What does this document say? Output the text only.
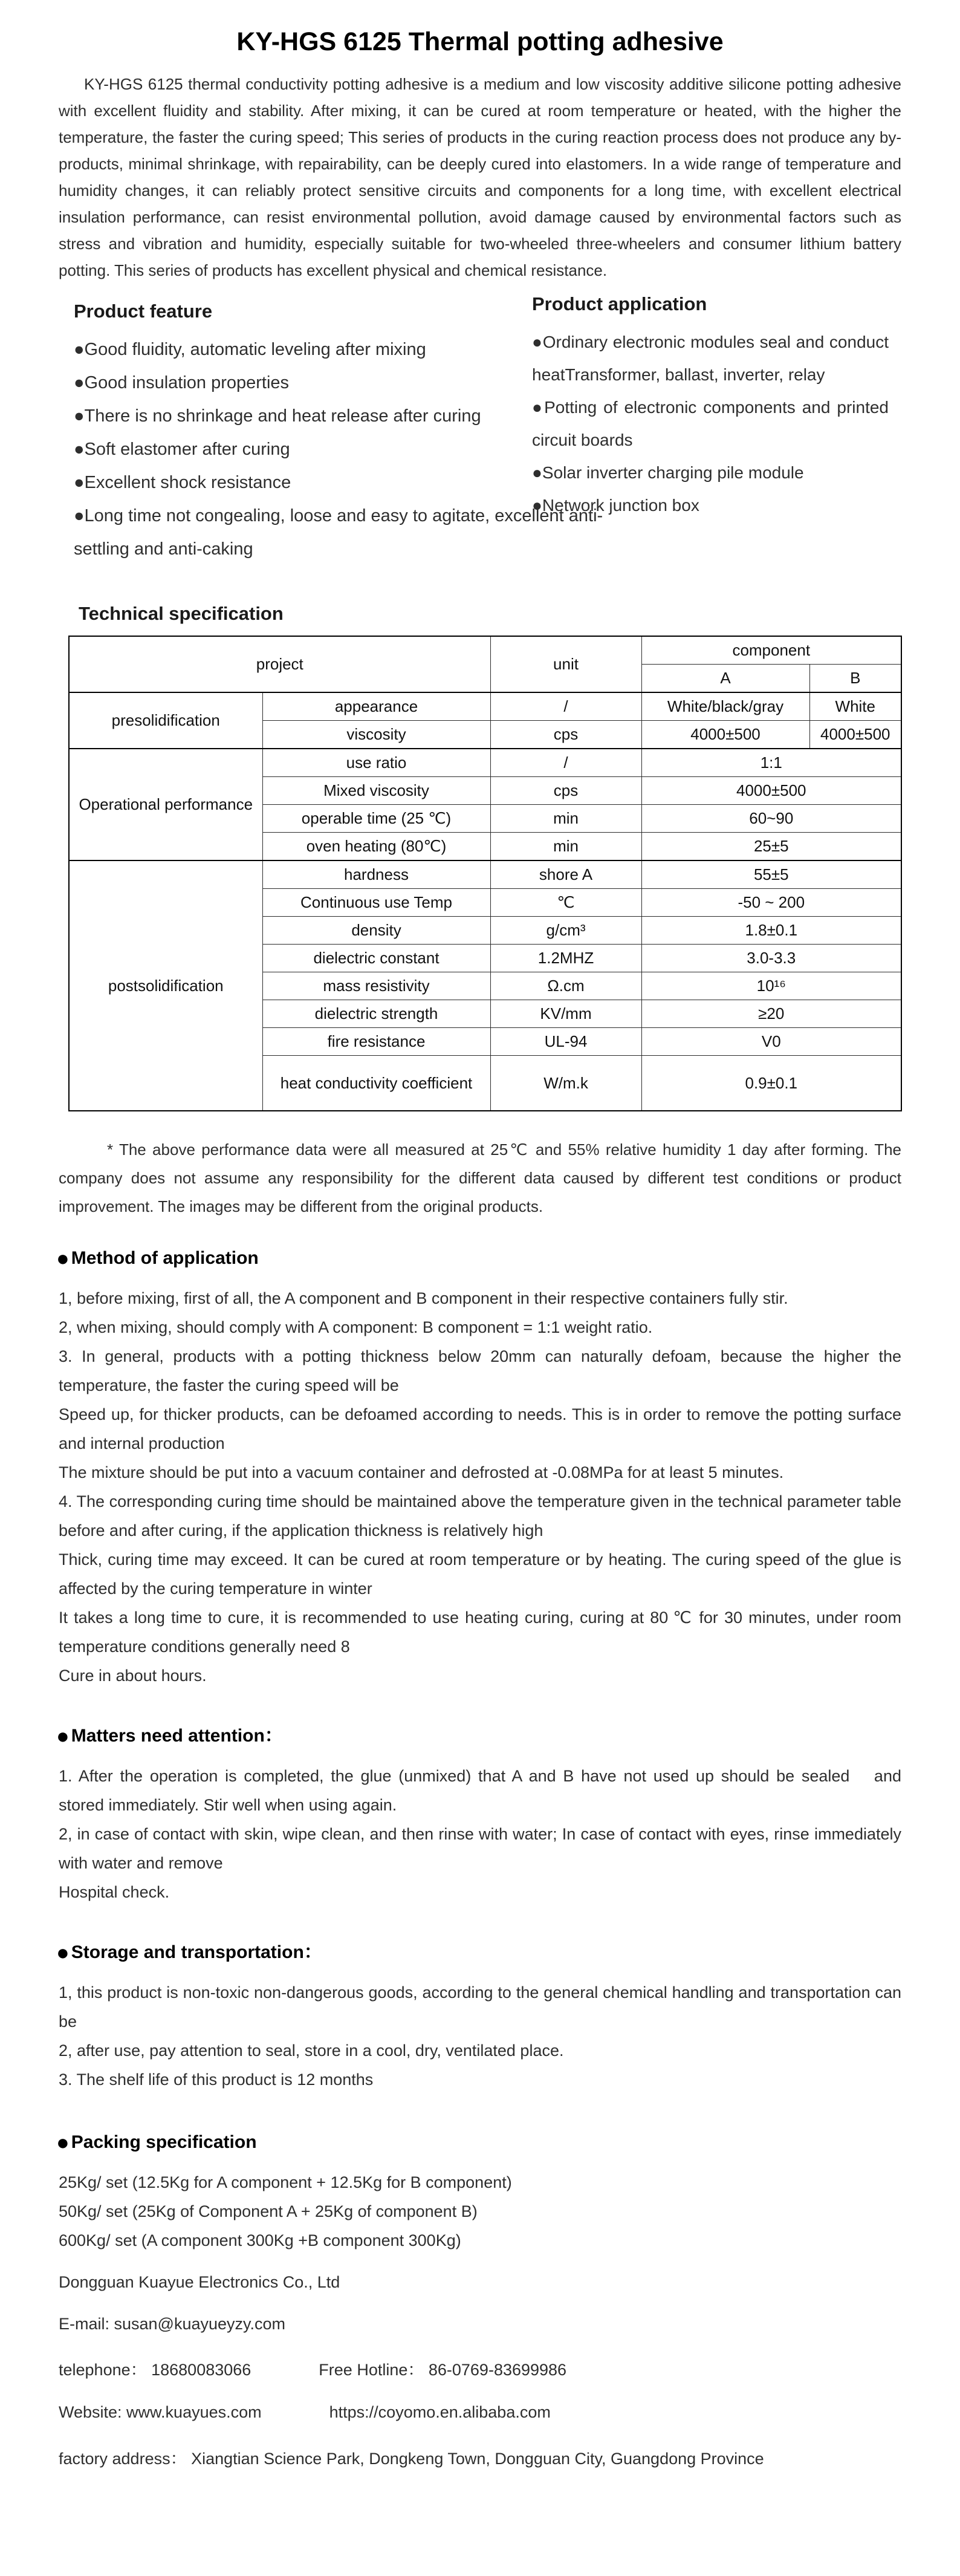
KY-HGS 6125 Thermal potting adhesive

KY-HGS 6125 thermal conductivity potting adhesive is a medium and low viscosity additive silicone potting adhesive with excellent fluidity and stability. After mixing, it can be cured at room temperature or heated, with the higher the temperature, the faster the curing speed; This series of products in the curing reaction process does not produce any by-products, minimal shrinkage, with repairability, can be deeply cured into elastomers. In a wide range of temperature and humidity changes, it can reliably protect sensitive circuits and components for a long time, with excellent electrical insulation performance, can resist environmental pollution, avoid damage caused by environmental factors such as stress and vibration and humidity, especially suitable for two-wheeled three-wheelers and consumer lithium battery potting. This series of products has excellent physical and chemical resistance.

Product feature

●Good fluidity, automatic leveling after mixing

●Good insulation properties

●There is no shrinkage and heat release after curing

●Soft elastomer after curing

●Excellent shock resistance

●Long time not congealing, loose and easy to agitate, excellent anti-settling and anti-caking

Product application

●Ordinary electronic modules seal and conduct heatTransformer, ballast, inverter, relay

●Potting of electronic components and printed circuit boards

●Solar inverter charging pile module

●Network junction box

Technical specification
project		unit	component	
			A	B
presolidification	appearance	/	White/black/gray	White
	viscosity	cps	4000±500	4000±500
Operational performance	use ratio	/	1:1	
	Mixed viscosity	cps	4000±500	
	operable time (25 ℃)	min	60~90	
	oven heating (80℃)	min	25±5	
postsolidification	hardness	shore A	55±5	
	Continuous use Temp	℃	-50 ~ 200	
	density	g/cm³	1.8±0.1	
	dielectric constant	1.2MHZ	3.0-3.3	
	mass resistivity	Ω.cm	10¹⁶	
	dielectric strength	KV/mm	≥20	
	fire resistance	UL-94	V0	
	heat conductivity coefficient	W/m.k	0.9±0.1	

* The above performance data were all measured at 25℃ and 55% relative humidity 1 day after forming. The company does not assume any responsibility for the different data caused by different test conditions or product improvement. The images may be different from the original products.

● Method of application

1, before mixing, first of all, the A component and B component in their respective containers fully stir.

2, when mixing, should comply with A component: B component = 1:1 weight ratio.

3. In general, products with a potting thickness below 20mm can naturally defoam, because the higher the temperature, the faster the curing speed will be

Speed up, for thicker products, can be defoamed according to needs. This is in order to remove the potting surface and internal production

The mixture should be put into a vacuum container and defrosted at -0.08MPa for at least 5 minutes.

4. The corresponding curing time should be maintained above the temperature given in the technical parameter table before and after curing, if the application thickness is relatively high

Thick, curing time may exceed. It can be cured at room temperature or by heating. The curing speed of the glue is affected by the curing temperature in winter

It takes a long time to cure, it is recommended to use heating curing, curing at 80 ℃ for 30 minutes, under room temperature conditions generally need 8

Cure in about hours.

● Matters need attention：

1. After the operation is completed, the glue (unmixed) that A and B have not used up should be sealed  and stored immediately. Stir well when using again.

2, in case of contact with skin, wipe clean, and then rinse with water; In case of contact with eyes, rinse immediately with water and remove

Hospital check.

● Storage and transportation：

1, this product is non-toxic non-dangerous goods, according to the general chemical handling and transportation can be

2, after use, pay attention to seal, store in a cool, dry, ventilated place.

3. The shelf life of this product is 12 months

● Packing specification

25Kg/ set (12.5Kg for A component + 12.5Kg for B component)

50Kg/ set (25Kg of Component A + 25Kg of component B)

600Kg/ set (A component 300Kg +B component 300Kg)

Dongguan Kuayue Electronics Co., Ltd

E-mail: susan@kuayueyzy.com

telephone： 18680083066	Free Hotline： 86-0769-83699986

Website: www.kuayues.com	https://coyomo.en.alibaba.com

factory address： Xiangtian Science Park, Dongkeng Town, Dongguan City, Guangdong Province
